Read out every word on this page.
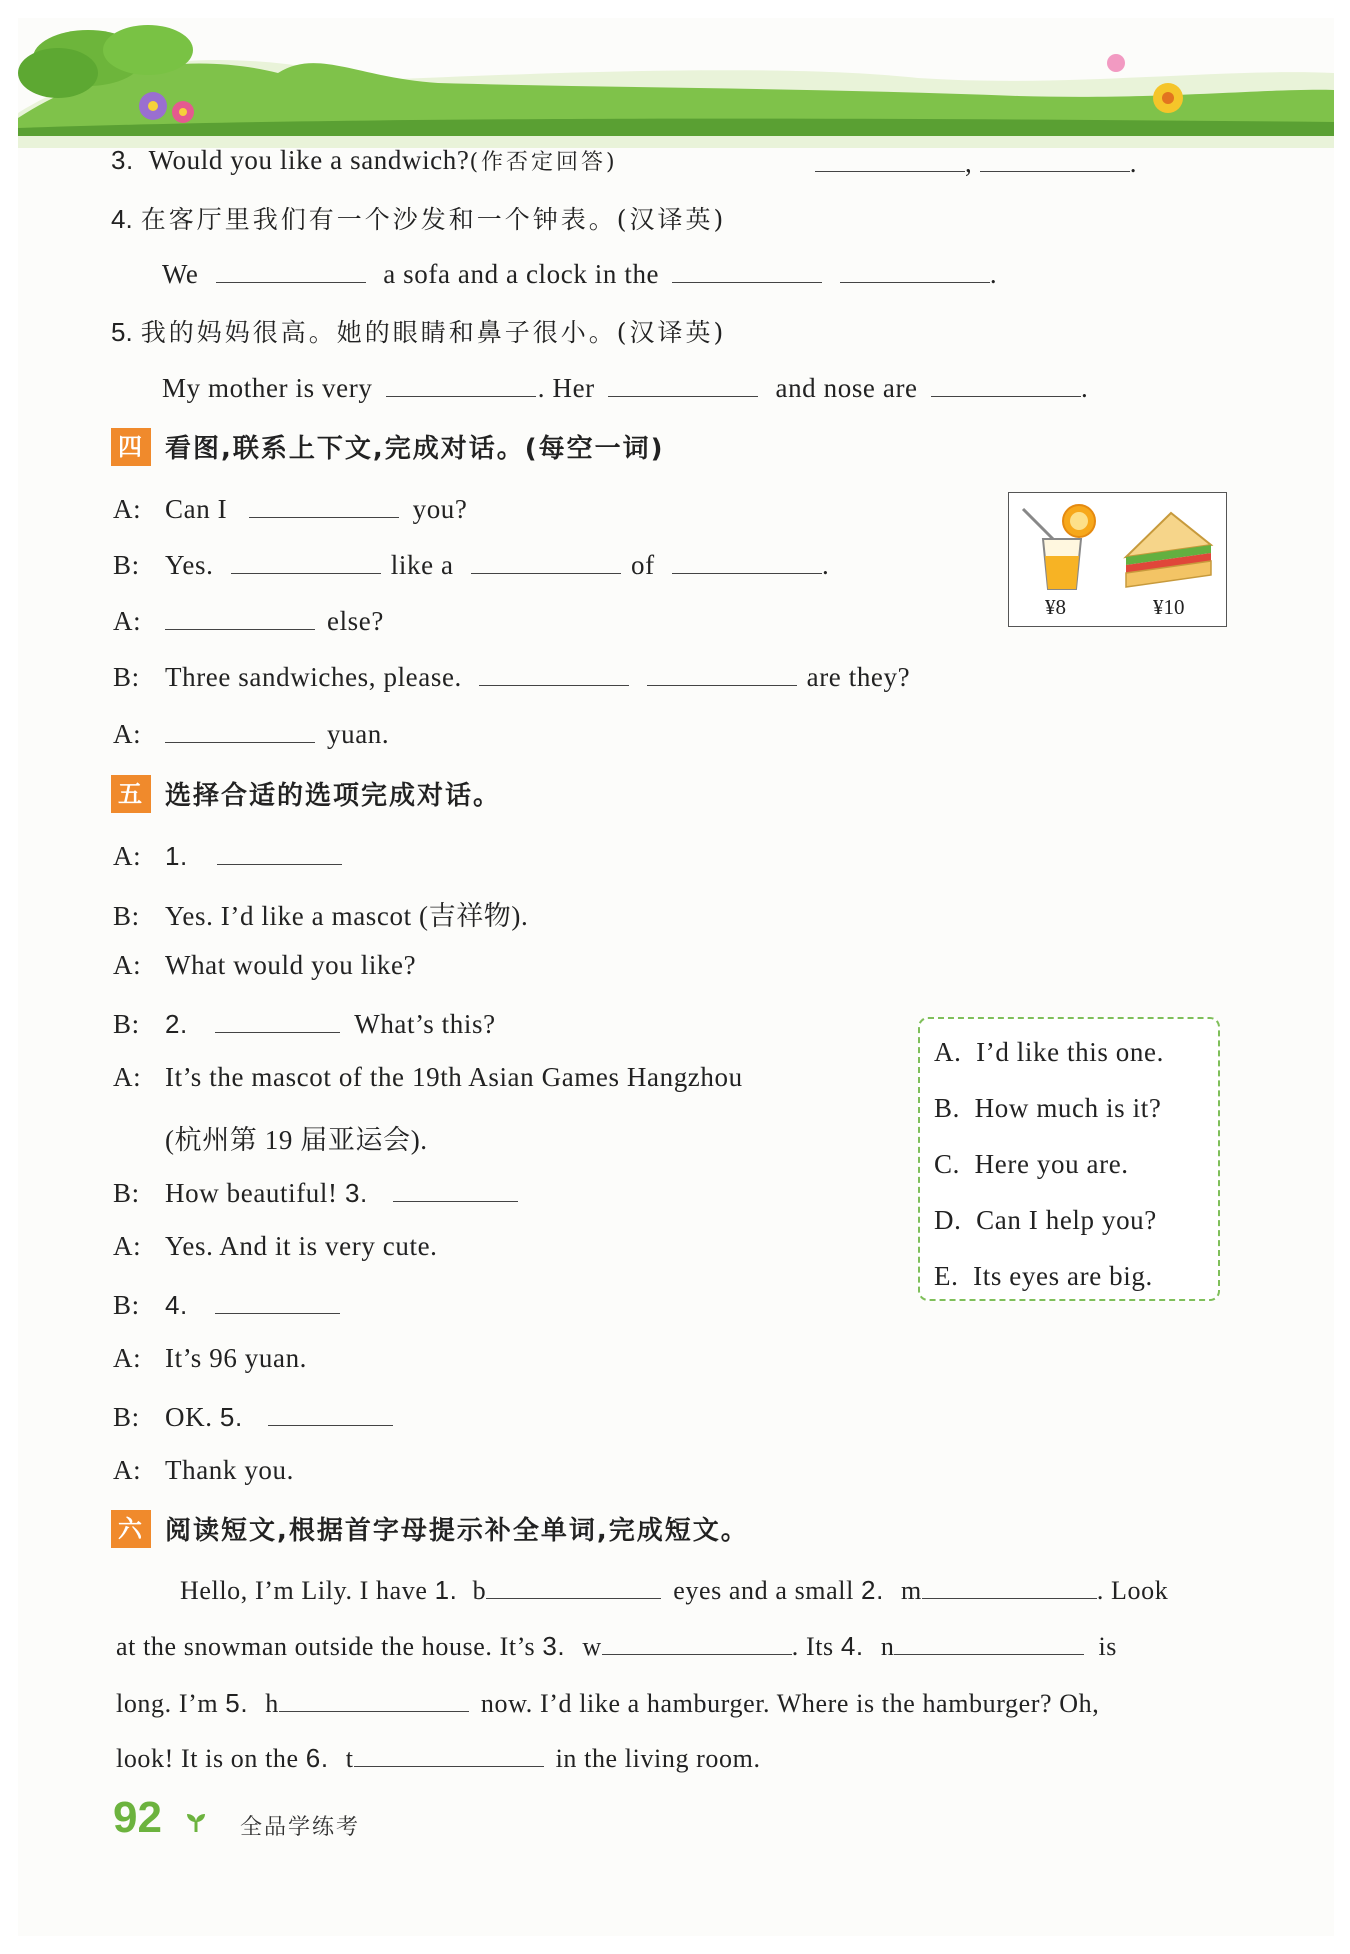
3. Would you like a sandwich?(作否定回答)	,	.
4. 在客厅里我们有一个沙发和一个钟表。(汉译英)
We	a sofa and a clock in the	.
5. 我的妈妈很高。她的眼睛和鼻子很小。(汉译英)
My mother is very	. Her	and nose are	.
四 看图,联系上下文,完成对话。(每空一词)
A: Can I	you?
B: Yes.	like a	of	.
A:	else?
B: Three sandwiches, please.	are they?
A:	yuan.
¥8	¥10
五 选择合适的选项完成对话。
A: 1.
B: Yes. I’d like a mascot (吉祥物).
A: What would you like?
B: 2.	What’s this?
A: It’s the mascot of the 19th Asian Games Hangzhou
(杭州第 19 届亚运会).
B: How beautiful! 3.
A: Yes. And it is very cute.
B: 4.
A: It’s 96 yuan.
B: OK. 5.
A: Thank you.
A. I’d like this one.
B. How much is it?
C. Here you are.
D. Can I help you?
E. Its eyes are big.
六 阅读短文,根据首字母提示补全单词,完成短文。
Hello, I’m Lily. I have 1. b	eyes and a small 2. m	. Look
at the snowman outside the house. It’s 3. w	. Its 4. n	is
long. I’m 5. h	now. I’d like a hamburger. Where is the hamburger? Oh,
look! It is on the 6. t	in the living room.
92	全品学练考
